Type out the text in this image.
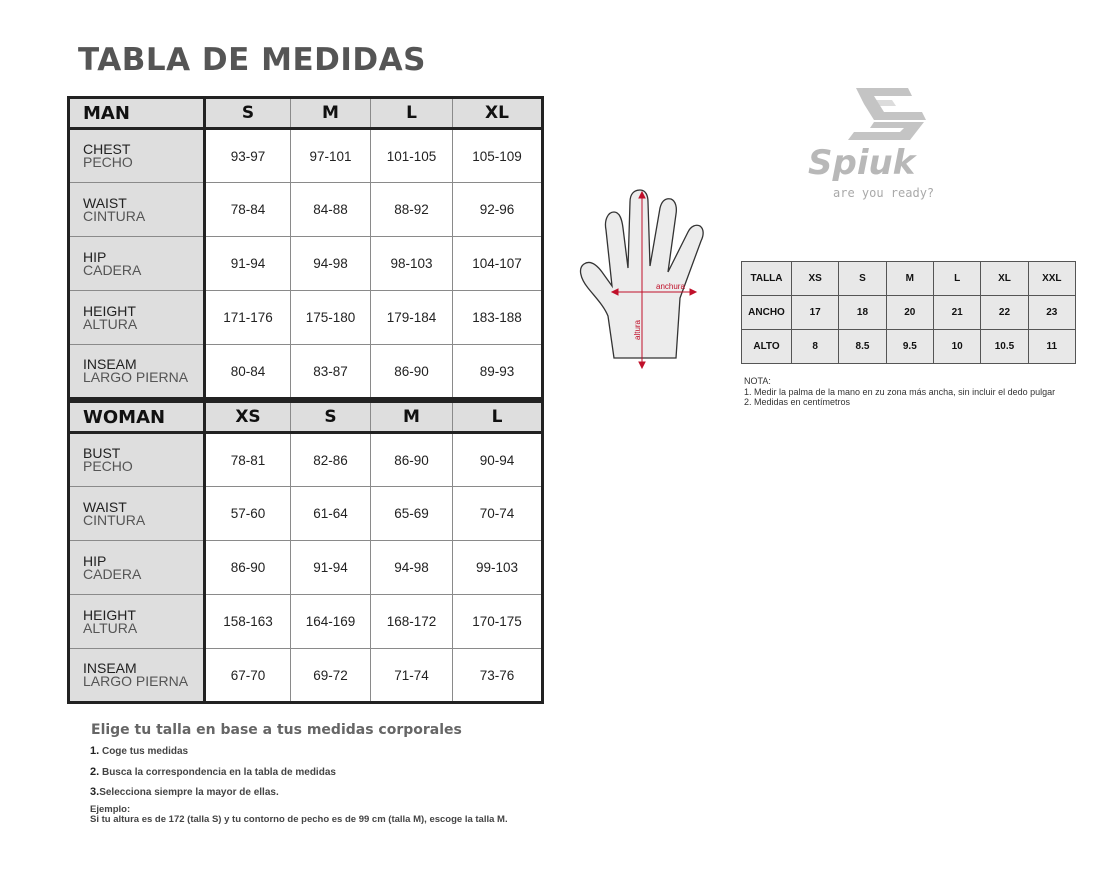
TABLA DE MEDIDAS
MAN	S	M	L	XL

CHEST
PECHO	93-97	97-101	101-105	105-109

WAIST
CINTURA	78-84	84-88	88-92	92-96

HIP
CADERA	91-94	94-98	98-103	104-107

HEIGHT
ALTURA	171-176	175-180	179-184	183-188

INSEAM
LARGO PIERNA	80-84	83-87	86-90	89-93
WOMAN	XS	S	M	L

BUST
PECHO	78-81	82-86	86-90	90-94

WAIST
CINTURA	57-60	61-64	65-69	70-74

HIP
CADERA	86-90	91-94	94-98	99-103

HEIGHT
ALTURA	158-163	164-169	168-172	170-175

INSEAM
LARGO PIERNA	67-70	69-72	71-74	73-76
Elige tu talla en base a tus medidas corporales
1. Coge tus medidas
2. Busca la correspondencia en la tabla de medidas
3.Selecciona siempre la mayor de ellas.
Ejemplo:
Si tu altura es de 172 (talla S) y tu contorno de pecho es de 99 cm (talla M), escoge la talla M.
Spiuk
are you ready?
anchura
altura
TALLA	XS	S	M	L	XL	XXL
ANCHO	17	18	20	21	22	23
ALTO	8	8.5	9.5	10	10.5	11
NOTA:
1. Medir la palma de la mano en zu zona más ancha, sin incluir el dedo pulgar
2. Medidas en centímetros
